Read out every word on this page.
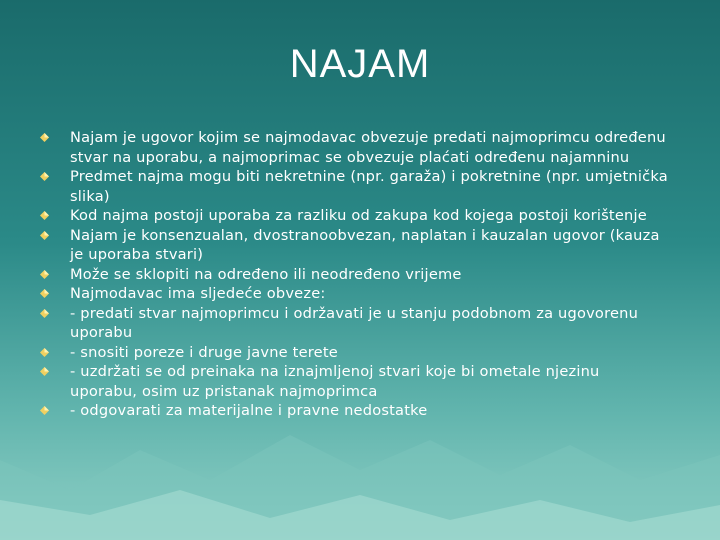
NAJAM
Najam je ugovor kojim se najmodavac obvezuje predati najmoprimcu određenu stvar na uporabu, a najmoprimac se obvezuje plaćati određenu najamninu
Predmet najma mogu biti nekretnine (npr. garaža) i pokretnine (npr. umjetnička slika)
Kod najma postoji uporaba za razliku od zakupa kod kojega postoji korištenje
Najam je konsenzualan, dvostranoobvezan, naplatan i kauzalan ugovor (kauza je uporaba stvari)
Može se sklopiti na određeno ili neodređeno vrijeme
Najmodavac ima sljedeće obveze:
- predati stvar najmoprimcu i održavati je u stanju podobnom za ugovorenu uporabu
- snositi poreze i druge javne terete
- uzdržati se od preinaka na iznajmljenoj stvari koje bi ometale njezinu uporabu, osim uz pristanak najmoprimca
- odgovarati za materijalne i pravne nedostatke
